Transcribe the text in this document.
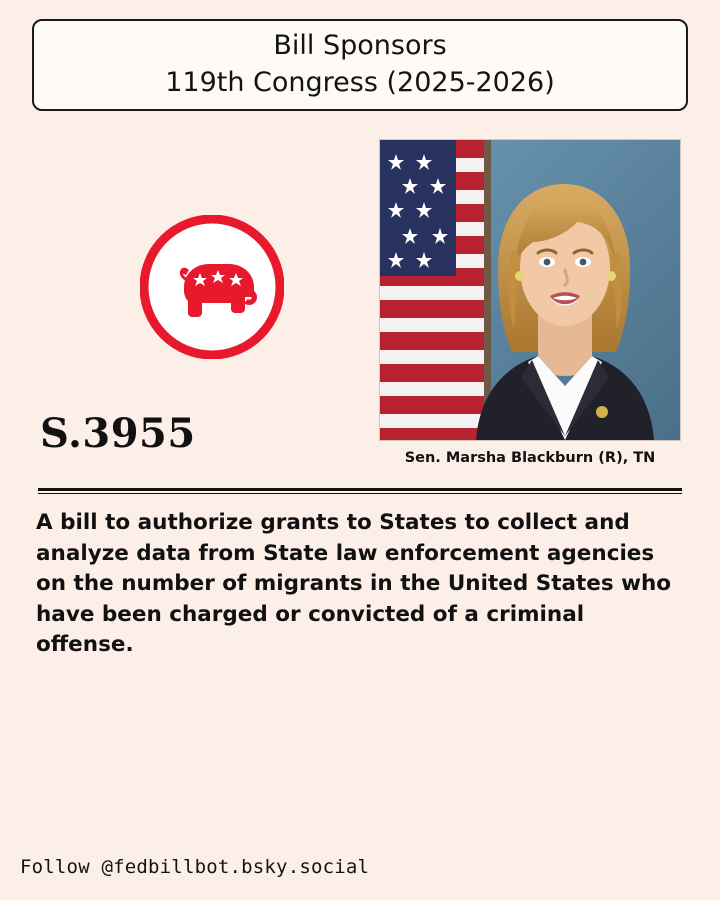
Bill Sponsors
119th Congress (2025-2026)
Sen. Marsha Blackburn (R), TN
S.3955
A bill to authorize grants to States to collect and analyze data from State law enforcement agencies on the number of migrants in the United States who have been charged or convicted of a criminal offense.
Follow @fedbillbot.bsky.social
